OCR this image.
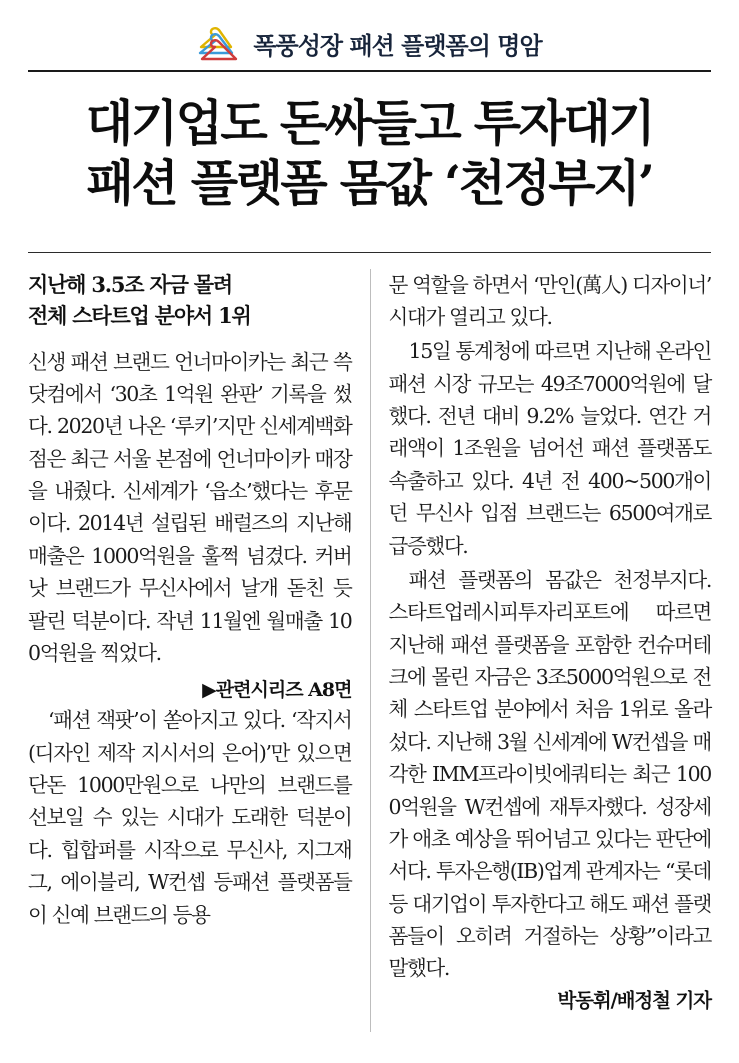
폭풍성장 패션 플랫폼의 명암
대기업도 돈싸들고 투자대기
패션 플랫폼 몸값 ‘천정부지’
지난해 3.5조 자금 몰려
전체 스타트업 분야서 1위

신생 패션 브랜드 언너마이카는 최근 쓱닷컴에서 ‘30초 1억원 완판’ 기록을 썼다. 2020년 나온 ‘루키’지만 신세계백화점은 최근 서울 본점에 언너마이카 매장을 내줬다. 신세계가 ‘읍소’했다는 후문이다. 2014년 설립된 배럴즈의 지난해 매출은 1000억원을 훌쩍 넘겼다. 커버낫 브랜드가 무신사에서 날개 돋친 듯 팔린 덕분이다. 작년 11월엔 월매출 100억원을 찍었다.

▶관련시리즈 A8면

‘패션 잭팟’이 쏟아지고 있다. ‘작지서(디자인 제작 지시서의 은어)’만 있으면 단돈 1000만원으로 나만의 브랜드를 선보일 수 있는 시대가 도래한 덕분이다. 힙합퍼를 시작으로 무신사, 지그재그, 에이블리, W컨셉 등패션 플랫폼들이 신예 브랜드의 등용

문 역할을 하면서 ‘만인(萬人) 디자이너’ 시대가 열리고 있다.

15일 통계청에 따르면 지난해 온라인 패션 시장 규모는 49조7000억원에 달했다. 전년 대비 9.2% 늘었다. 연간 거래액이 1조원을 넘어선 패션 플랫폼도 속출하고 있다. 4년 전 400~500개이던 무신사 입점 브랜드는 6500여개로 급증했다.

패션 플랫폼의 몸값은 천정부지다. 스타트업레시피투자리포트에 따르면 지난해 패션 플랫폼을 포함한 컨슈머테크에 몰린 자금은 3조5000억원으로 전체 스타트업 분야에서 처음 1위로 올라섰다. 지난해 3월 신세계에 W컨셉을 매각한 IMM프라이빗에쿼티는 최근 1000억원을 W컨셉에 재투자했다. 성장세가 애초 예상을 뛰어넘고 있다는 판단에서다. 투자은행(IB)업계 관계자는 “롯데 등 대기업이 투자한다고 해도 패션 플랫폼들이 오히려 거절하는 상황”이라고 말했다.

박동휘/배정철 기자
